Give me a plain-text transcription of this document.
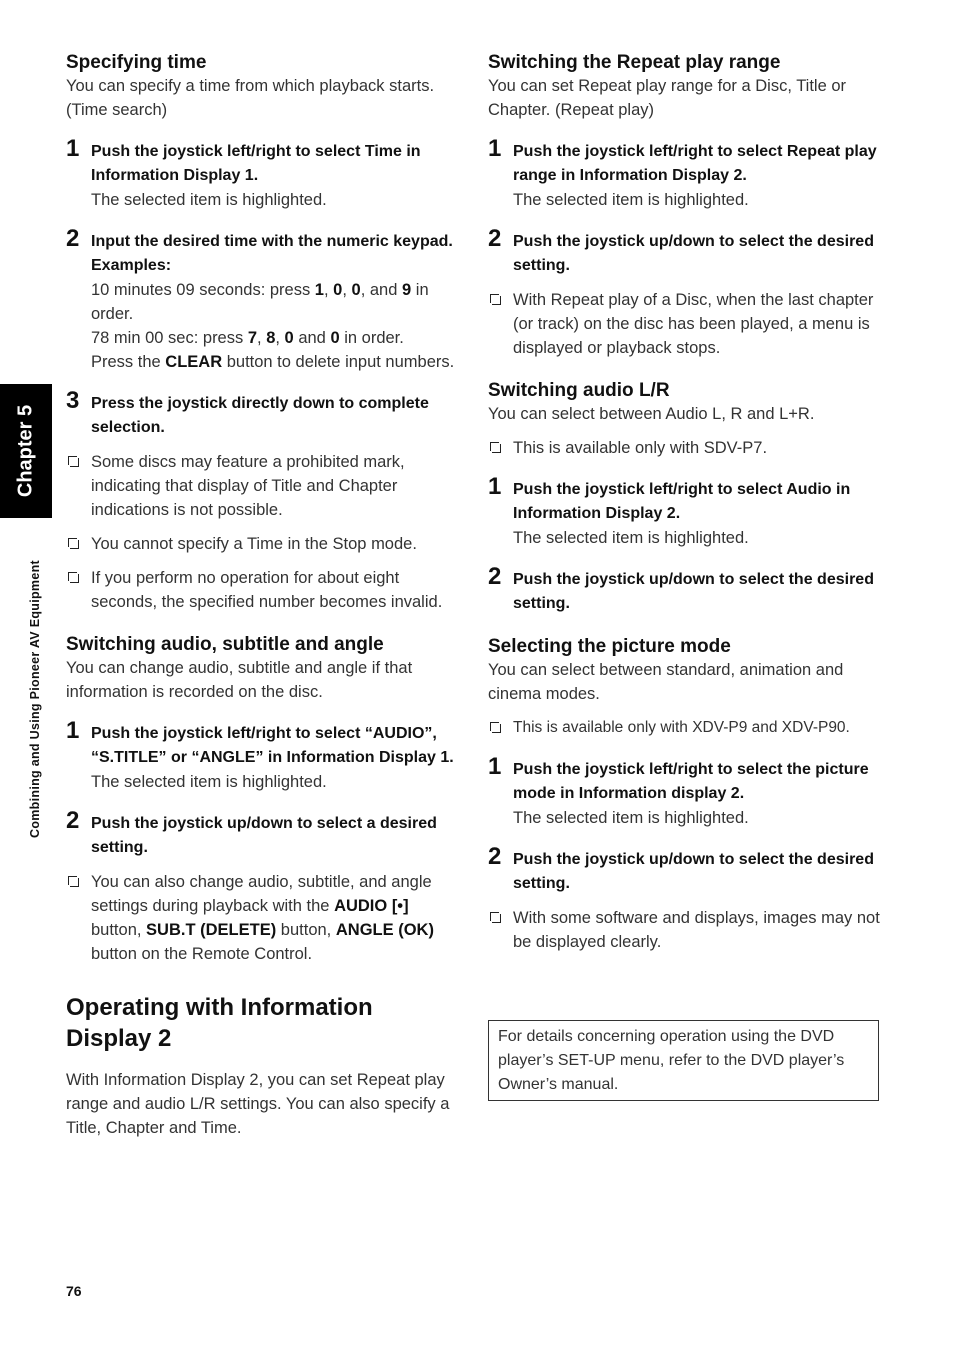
Chapter 5
Combining and Using Pioneer AV Equipment
Specifying time

You can specify a time from which playback starts. (Time search)

1 Push the joystick left/right to select Time in Information Display 1.

The selected item is highlighted.

2 Input the desired time with the numeric keypad.

Examples:

10 minutes 09 seconds: press 1, 0, 0, and 9 in order.

78 min 00 sec: press 7, 8, 0 and 0 in order.

Press the CLEAR button to delete input numbers.

3 Press the joystick directly down to complete selection.

Some discs may feature a prohibited mark, indicating that display of Title and Chapter indications is not possible.
You cannot specify a Time in the Stop mode.
If you perform no operation for about eight seconds, the specified number becomes invalid.
Switching audio, subtitle and angle

You can change audio, subtitle and angle if that information is recorded on the disc.

1 Push the joystick left/right to select “AUDIO”, “S.TITLE” or “ANGLE” in Information Display 1.

The selected item is highlighted.

2 Push the joystick up/down to select a desired setting.

You can also change audio, subtitle, and angle settings during playback with the AUDIO [•] button, SUB.T (DELETE) button, ANGLE (OK) button on the Remote Control.
Operating with Information Display 2

With Information Display 2, you can set Repeat play range and audio L/R settings. You can also specify a Title, Chapter and Time.

Switching the Repeat play range

You can set Repeat play range for a Disc, Title or Chapter. (Repeat play)

1 Push the joystick left/right to select Repeat play range in Information Display 2.

The selected item is highlighted.

2 Push the joystick up/down to select the desired setting.

With Repeat play of a Disc, when the last chapter (or track) on the disc has been played, a menu is displayed or playback stops.
Switching audio L/R

You can select between Audio L, R and L+R.

This is available only with SDV-P7.
1 Push the joystick left/right to select Audio in Information Display 2.

The selected item is highlighted.

2 Push the joystick up/down to select the desired setting.

Selecting the picture mode

You can select between standard, animation and cinema modes.

This is available only with XDV-P9 and XDV-P90.
1 Push the joystick left/right to select the picture mode in Information display 2.

The selected item is highlighted.

2 Push the joystick up/down to select the desired setting.

With some software and displays, images may not be displayed clearly.
For details concerning operation using the DVD player’s SET-UP menu, refer to the DVD player’s Owner’s manual.
76
